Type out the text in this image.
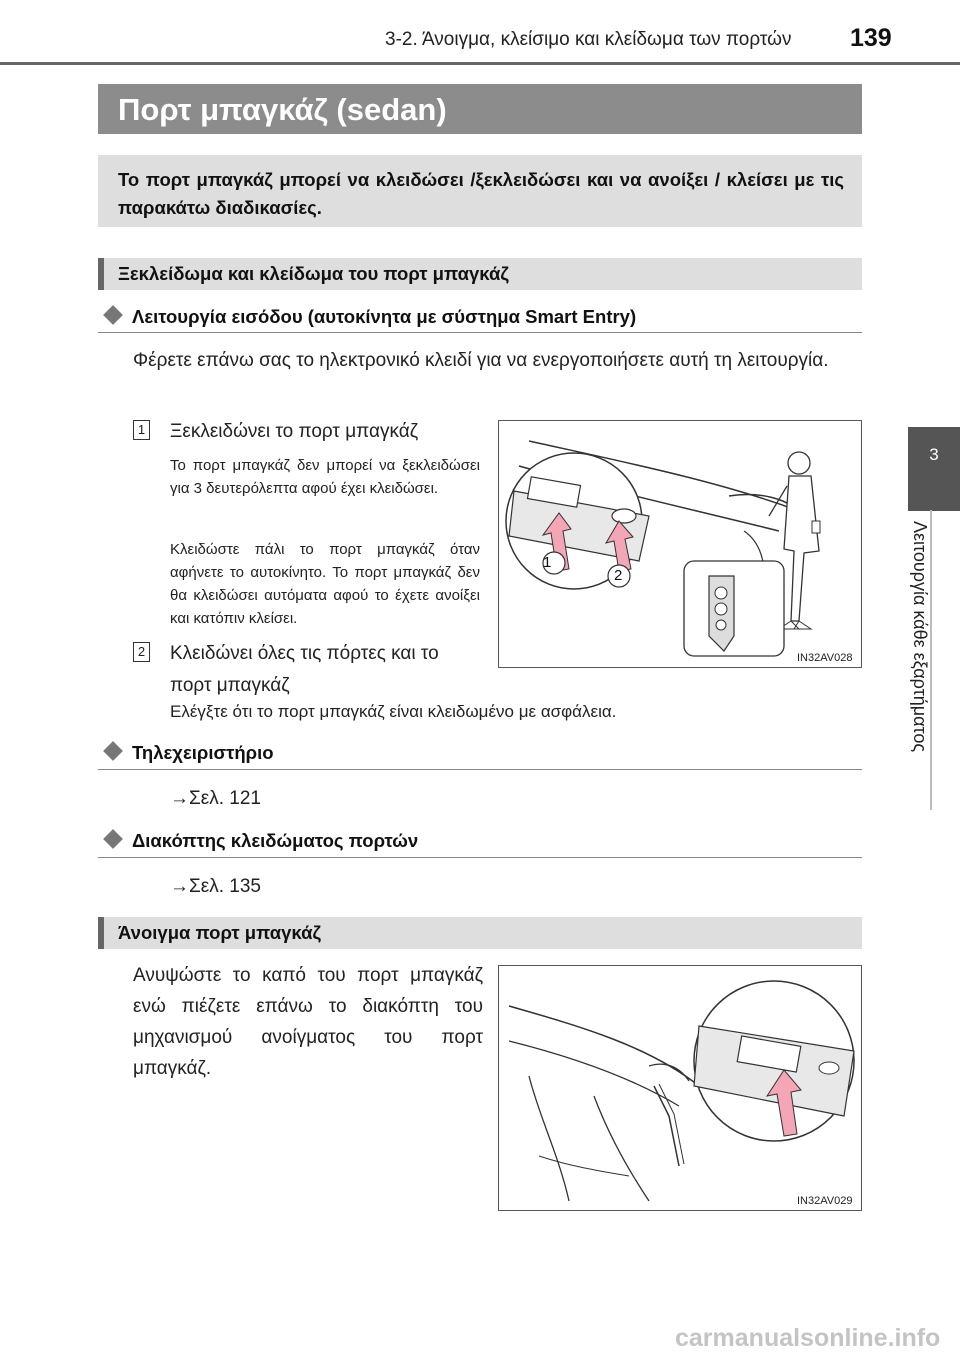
3-2. Άνοιγμα, κλείσιμο και κλείδωμα των πορτών 139
3
Λειτουργία κάθε εξαρτήματος
Πορτ μπαγκάζ (sedan)
Το πορτ μπαγκάζ μπορεί να κλειδώσει /ξεκλειδώσει και να ανοίξει / κλείσει με τις παρακάτω διαδικασίες.
Ξεκλείδωμα και κλείδωμα του πορτ μπαγκάζ
Λειτουργία εισόδου (αυτοκίνητα με σύστημα Smart Entry)
Φέρετε επάνω σας το ηλεκτρονικό κλειδί για να ενεργοποιήσετε αυτή τη λειτουργία.
1 Ξεκλειδώνει το πορτ μπαγκάζ
Το πορτ μπαγκάζ δεν μπορεί να ξεκλειδώσει για 3 δευτερόλεπτα αφού έχει κλειδώσει.
Κλειδώστε πάλι το πορτ μπαγκάζ όταν αφήνετε το αυτοκίνητο. Το πορτ μπαγκάζ δεν θα κλειδώσει αυτόματα αφού το έχετε ανοίξει και κατόπιν κλείσει.
2 Κλειδώνει όλες τις πόρτες και το πορτ μπαγκάζ
Ελέγξτε ότι το πορτ μπαγκάζ είναι κλειδωμένο με ασφάλεια.
1
2
IN32AV028
Τηλεχειριστήριο
→Σελ. 121
Διακόπτης κλειδώματος πορτών
→Σελ. 135
Άνοιγμα πορτ μπαγκάζ
Ανυψώστε το καπό του πορτ μπαγκάζ ενώ πιέζετε επάνω το διακόπτη του μηχανισμού ανοίγματος του πορτ μπαγκάζ.
IN32AV029
carmanualsonline.info
